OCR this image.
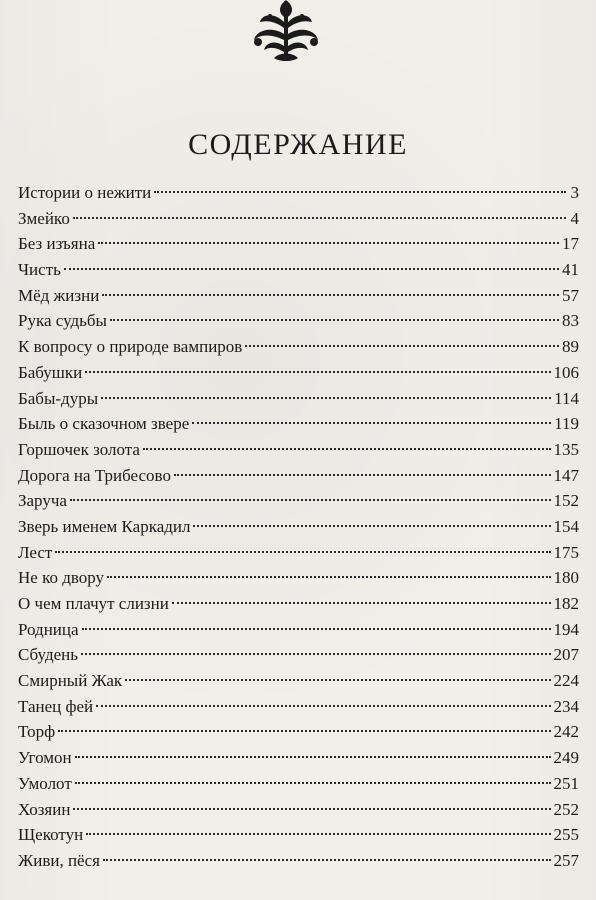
СОДЕРЖАНИЕ
Истории о нежити	3
Змейко	4
Без изъяна	17
Чисть	41
Мёд жизни	57
Рука судьбы	83
К вопросу о природе вампиров	89
Бабушки	106
Бабы-дуры	114
Быль о сказочном звере	119
Горшочек золота	135
Дорога на Трибесово	147
Заруча	152
Зверь именем Каркадил	154
Лест	175
Не ко двору	180
О чем плачут слизни	182
Родница	194
Сбудень	207
Смирный Жак	224
Танец фей	234
Торф	242
Угомон	249
Умолот	251
Хозяин	252
Щекотун	255
Живи, пёся	257
